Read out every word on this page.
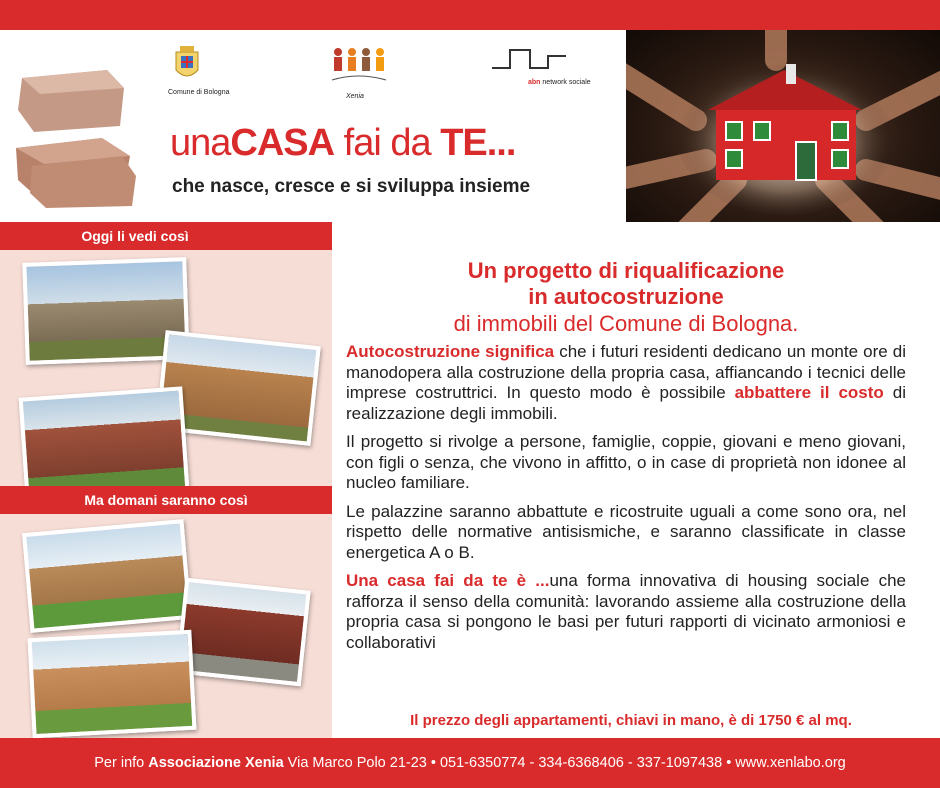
Comune di Bologna
Xenia
abn network sociale
unaCASA fai da TE...
che nasce, cresce e si sviluppa insieme
Oggi li vedi così
Ma domani saranno così
Un progetto di riqualificazione
in autocostruzione
di immobili del Comune di Bologna.

Autocostruzione significa che i futuri residenti dedicano un monte ore di manodopera alla costruzione della propria casa, affiancando i tecnici delle imprese costruttrici. In questo modo è possibile abbattere il costo di realizzazione degli immobili.

Il progetto si rivolge a persone, famiglie, coppie, giovani e meno giovani, con figli o senza, che vivono in affitto, o in case di proprietà non idonee al nucleo familiare.

Le palazzine saranno abbattute e ricostruite uguali a come sono ora, nel rispetto delle normative antisismiche, e saranno classificate in classe energetica A o B.

Una casa fai da te è ...una forma innovativa di housing sociale che rafforza il senso della comunità: lavorando assieme alla costruzione della propria casa si pongono le basi per futuri rapporti di vicinato armoniosi e collaborativi

Il prezzo degli appartamenti, chiavi in mano, è di 1750 € al mq.
Per info Associazione Xenia Via Marco Polo 21-23 • 051-6350774 - 334-6368406 - 337-1097438 • www.xenlabo.org
